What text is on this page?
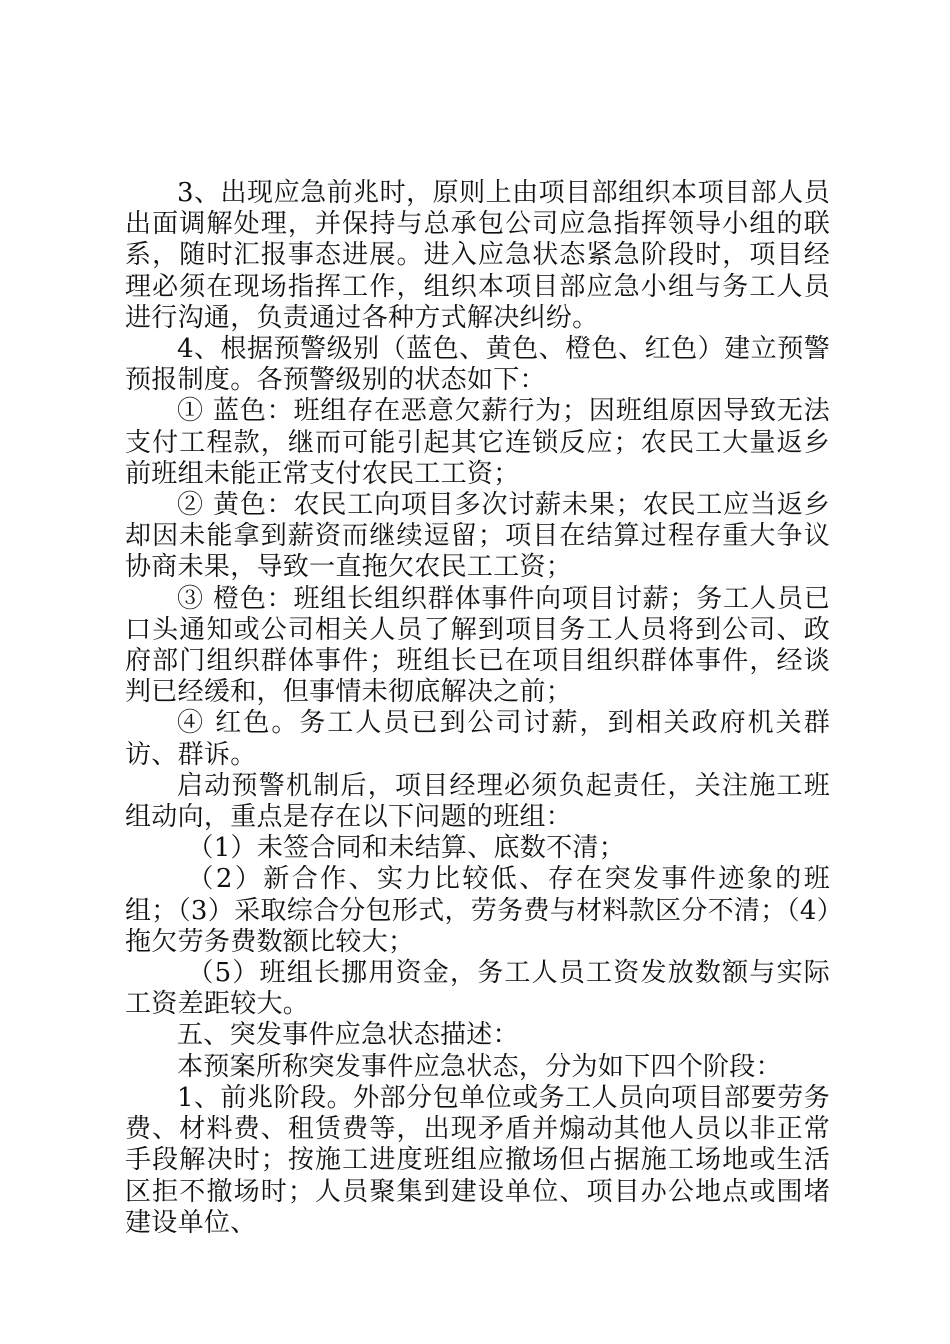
3、出现应急前兆时，原则上由项目部组织本项目部人员出面调解处理，并保持与总承包公司应急指挥领导小组的联系，随时汇报事态进展。进入应急状态紧急阶段时，项目经理必须在现场指挥工作，组织本项目部应急小组与务工人员进行沟通，负责通过各种方式解决纠纷。

4、根据预警级别（蓝色、黄色、橙色、红色）建立预警预报制度。各预警级别的状态如下：

① 蓝色：班组存在恶意欠薪行为；因班组原因导致无法支付工程款，继而可能引起其它连锁反应；农民工大量返乡前班组未能正常支付农民工工资；

② 黄色：农民工向项目多次讨薪未果；农民工应当返乡却因未能拿到薪资而继续逗留；项目在结算过程存重大争议协商未果，导致一直拖欠农民工工资；

③ 橙色：班组长组织群体事件向项目讨薪；务工人员已口头通知或公司相关人员了解到项目务工人员将到公司、政府部门组织群体事件；班组长已在项目组织群体事件，经谈判已经缓和，但事情未彻底解决之前；

④ 红色。务工人员已到公司讨薪，到相关政府机关群访、群诉。

启动预警机制后，项目经理必须负起责任，关注施工班组动向，重点是存在以下问题的班组：

（1）未签合同和未结算、底数不清；

（2）新合作、实力比较低、存在突发事件迹象的班组；（3）采取综合分包形式，劳务费与材料款区分不清；（4）拖欠劳务费数额比较大；

（5）班组长挪用资金，务工人员工资发放数额与实际工资差距较大。

五、突发事件应急状态描述：

本预案所称突发事件应急状态，分为如下四个阶段：

1、前兆阶段。外部分包单位或务工人员向项目部要劳务费、材料费、租赁费等，出现矛盾并煽动其他人员以非正常手段解决时；按施工进度班组应撤场但占据施工场地或生活区拒不撤场时；人员聚集到建设单位、项目办公地点或围堵建设单位、
